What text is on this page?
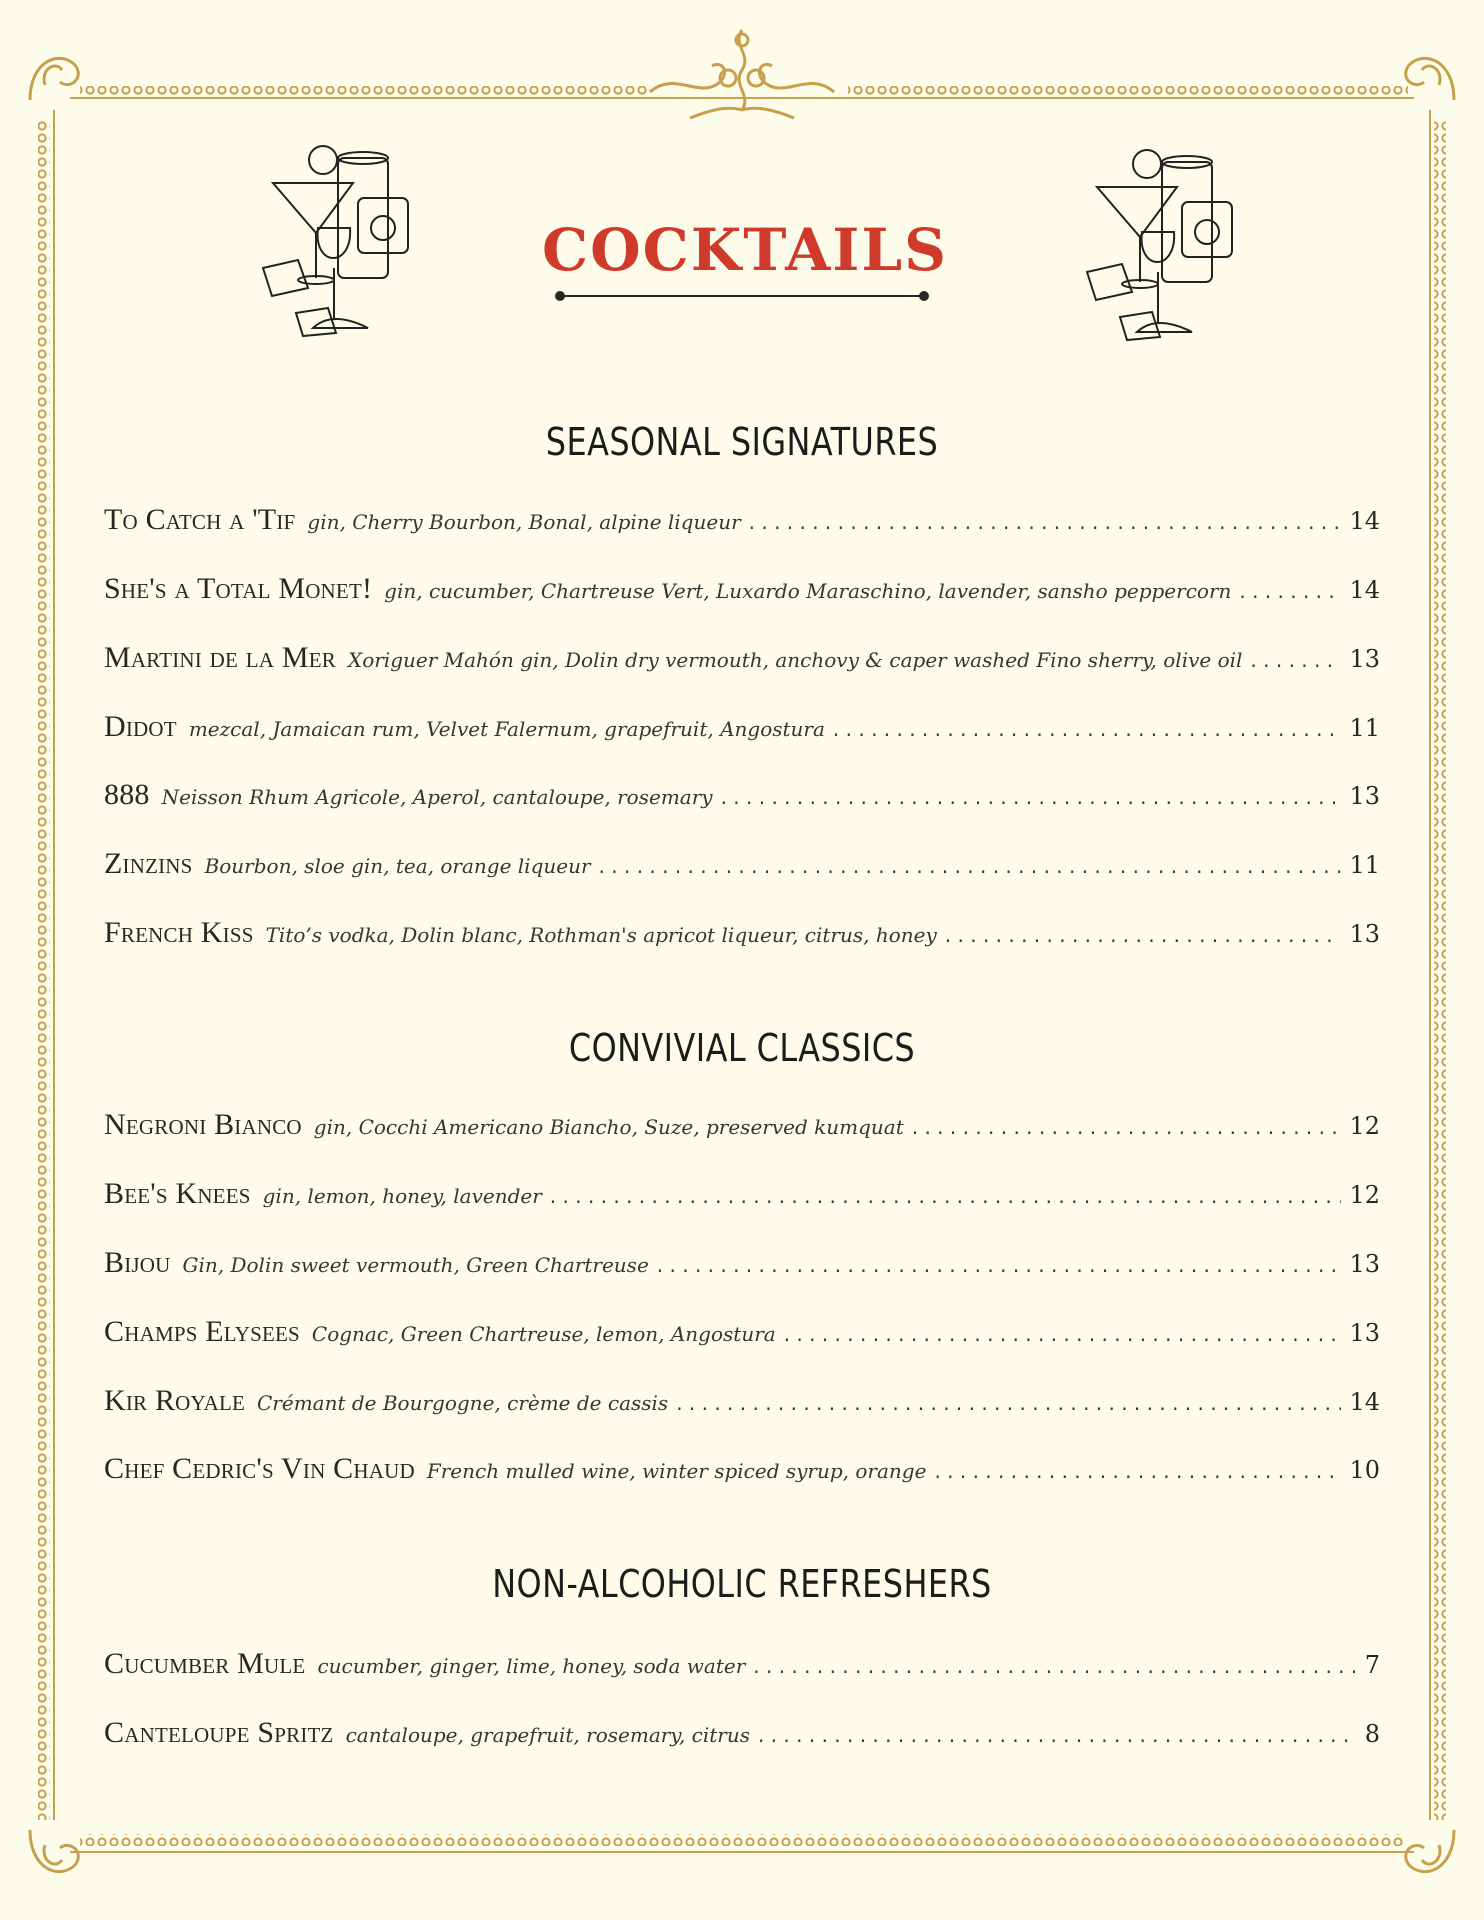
COCKTAILS
SEASONAL SIGNATURES
To Catch a 'Tif gin, Cherry Bourbon, Bonal, alpine liqueur . . .	14
She's a Total Monet! gin, cucumber, Chartreuse Vert, Luxardo Maraschino, lavender, sansho peppercorn . . .	14
Martini de la Mer Xoriguer Mahón gin, Dolin dry vermouth, anchovy & caper washed Fino sherry, olive oil . . .	13
Didot mezcal, Jamaican rum, Velvet Falernum, grapefruit, Angostura . . .	11
888 Neisson Rhum Agricole, Aperol, cantaloupe, rosemary . . .	13
Zinzins Bourbon, sloe gin, tea, orange liqueur . . .	11
French Kiss Tito’s vodka, Dolin blanc, Rothman's apricot liqueur, citrus, honey . . .	13
CONVIVIAL CLASSICS
Negroni Bianco gin, Cocchi Americano Biancho, Suze, preserved kumquat . . .	12
Bee's Knees gin, lemon, honey, lavender . . .	12
Bijou Gin, Dolin sweet vermouth, Green Chartreuse . . .	13
Champs Elysees Cognac, Green Chartreuse, lemon, Angostura . . .	13
Kir Royale Crémant de Bourgogne, crème de cassis . . .	14
Chef Cedric's Vin Chaud French mulled wine, winter spiced syrup, orange . . .	10
NON-ALCOHOLIC REFRESHERS
Cucumber Mule cucumber, ginger, lime, honey, soda water . . .	7
Canteloupe Spritz cantaloupe, grapefruit, rosemary, citrus . . .	8
